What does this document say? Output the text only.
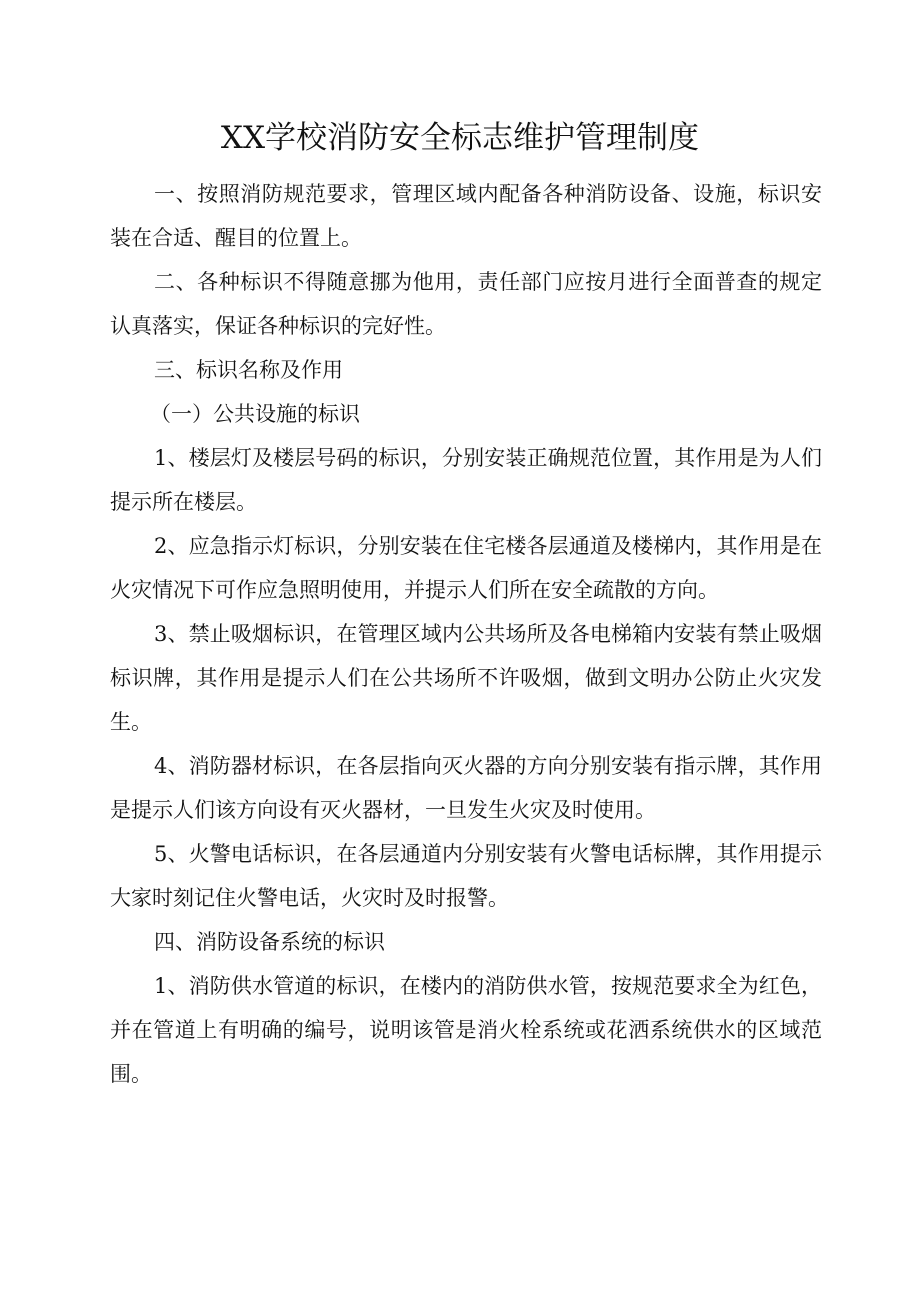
XX学校消防安全标志维护管理制度

一、按照消防规范要求，管理区域内配备各种消防设备、设施，标识安装在合适、醒目的位置上。

二、各种标识不得随意挪为他用，责任部门应按月进行全面普查的规定认真落实，保证各种标识的完好性。

三、标识名称及作用

（一）公共设施的标识

1、楼层灯及楼层号码的标识，分别安装正确规范位置，其作用是为人们提示所在楼层。

2、应急指示灯标识，分别安装在住宅楼各层通道及楼梯内，其作用是在火灾情况下可作应急照明使用，并提示人们所在安全疏散的方向。

3、禁止吸烟标识，在管理区域内公共场所及各电梯箱内安装有禁止吸烟标识牌，其作用是提示人们在公共场所不许吸烟，做到文明办公防止火灾发生。

4、消防器材标识，在各层指向灭火器的方向分别安装有指示牌，其作用是提示人们该方向设有灭火器材，一旦发生火灾及时使用。

5、火警电话标识，在各层通道内分别安装有火警电话标牌，其作用提示大家时刻记住火警电话，火灾时及时报警。

四、消防设备系统的标识

1、消防供水管道的标识，在楼内的消防供水管，按规范要求全为红色，并在管道上有明确的编号，说明该管是消火栓系统或花洒系统供水的区域范围。
